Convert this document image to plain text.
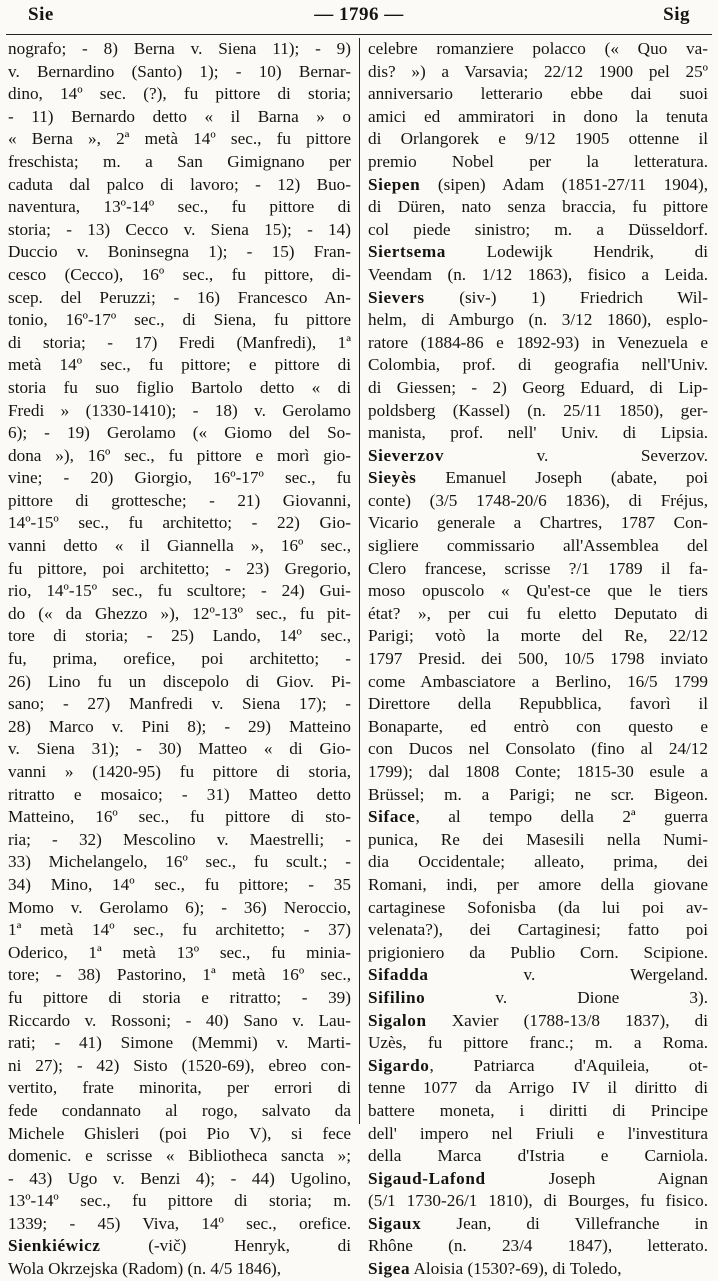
Sie	— 1796 —	Sig
nografo; - 8) Berna v. Siena 11); - 9)
v. Bernardino (Santo) 1); - 10) Bernar-
dino, 14º sec. (?), fu pittore di storia;
- 11) Bernardo detto « il Barna » o
« Berna », 2ª metà 14º sec., fu pittore
freschista; m. a San Gimignano per
caduta dal palco di lavoro; - 12) Buo-
naventura, 13º-14º sec., fu pittore di
storia; - 13) Cecco v. Siena 15); - 14)
Duccio v. Boninsegna 1); - 15) Fran-
cesco (Cecco), 16º sec., fu pittore, di-
scep. del Peruzzi; - 16) Francesco An-
tonio, 16º-17º sec., di Siena, fu pittore
di storia; - 17) Fredi (Manfredi), 1ª
metà 14º sec., fu pittore; e pittore di
storia fu suo figlio Bartolo detto « di
Fredi » (1330-1410); - 18) v. Gerolamo
6); - 19) Gerolamo (« Giomo del So-
dona »), 16º sec., fu pittore e morì gio-
vine; - 20) Giorgio, 16º-17º sec., fu
pittore di grottesche; - 21) Giovanni,
14º-15º sec., fu architetto; - 22) Gio-
vanni detto « il Giannella », 16º sec.,
fu pittore, poi architetto; - 23) Gregorio,
rio, 14º-15º sec., fu scultore; - 24) Gui-
do (« da Ghezzo »), 12º-13º sec., fu pit-
tore di storia; - 25) Lando, 14º sec.,
fu, prima, orefice, poi architetto; -
26) Lino fu un discepolo di Giov. Pi-
sano; - 27) Manfredi v. Siena 17); -
28) Marco v. Pini 8); - 29) Matteino
v. Siena 31); - 30) Matteo « di Gio-
vanni » (1420-95) fu pittore di storia,
ritratto e mosaico; - 31) Matteo detto
Matteino, 16º sec., fu pittore di sto-
ria; - 32) Mescolino v. Maestrelli; -
33) Michelangelo, 16º sec., fu scult.; -
34) Mino, 14º sec., fu pittore; - 35
Momo v. Gerolamo 6); - 36) Neroccio,
1ª metà 14º sec., fu architetto; - 37)
Oderico, 1ª metà 13º sec., fu minia-
tore; - 38) Pastorino, 1ª metà 16º sec.,
fu pittore di storia e ritratto; - 39)
Riccardo v. Rossoni; - 40) Sano v. Lau-
rati; - 41) Simone (Memmi) v. Marti-
ni 27); - 42) Sisto (1520-69), ebreo con-
vertito, frate minorita, per errori di
fede condannato al rogo, salvato da
Michele Ghisleri (poi Pio V), si fece
domenic. e scrisse « Bibliotheca sancta »;
- 43) Ugo v. Benzi 4); - 44) Ugolino,
13º-14º sec., fu pittore di storia; m.
1339; - 45) Viva, 14º sec., orefice.
Sienkiéwicz (-vič) Henryk, di
Wola Okrzejska (Radom) (n. 4/5 1846),
celebre romanziere polacco (« Quo va-
dis? ») a Varsavia; 22/12 1900 pel 25º
anniversario letterario ebbe dai suoi
amici ed ammiratori in dono la tenuta
di Orlangorek e 9/12 1905 ottenne il
premio Nobel per la letteratura.
Siepen (sipen) Adam (1851-27/11 1904),
di Düren, nato senza braccia, fu pittore
col piede sinistro; m. a Düsseldorf.
Siertsema Lodewijk Hendrik, di
Veendam (n. 1/12 1863), fisico a Leida.
Sievers (siv-) 1) Friedrich Wil-
helm, di Amburgo (n. 3/12 1860), esplo-
ratore (1884-86 e 1892-93) in Venezuela e
Colombia, prof. di geografia nell'Univ.
di Giessen; - 2) Georg Eduard, di Lip-
poldsberg (Kassel) (n. 25/11 1850), ger-
manista, prof. nell' Univ. di Lipsia.
Sieverzov v. Severzov.
Sieyès Emanuel Joseph (abate, poi
conte) (3/5 1748-20/6 1836), di Fréjus,
Vicario generale a Chartres, 1787 Con-
sigliere commissario all'Assemblea del
Clero francese, scrisse ?/1 1789 il fa-
moso opuscolo « Qu'est-ce que le tiers
état? », per cui fu eletto Deputato di
Parigi; votò la morte del Re, 22/12
1797 Presid. dei 500, 10/5 1798 inviato
come Ambasciatore a Berlino, 16/5 1799
Direttore della Repubblica, favorì il
Bonaparte, ed entrò con questo e
con Ducos nel Consolato (fino al 24/12
1799); dal 1808 Conte; 1815-30 esule a
Brüssel; m. a Parigi; ne scr. Bigeon.
Siface, al tempo della 2ª guerra
punica, Re dei Masesili nella Numi-
dia Occidentale; alleato, prima, dei
Romani, indi, per amore della giovane
cartaginese Sofonisba (da lui poi av-
velenata?), dei Cartaginesi; fatto poi
prigioniero da Publio Corn. Scipione.
Sifadda v. Wergeland.
Sifilino v. Dione 3).
Sigalon Xavier (1788-13/8 1837), di
Uzès, fu pittore franc.; m. a Roma.
Sigardo, Patriarca d'Aquileia, ot-
tenne 1077 da Arrigo IV il diritto di
battere moneta, i diritti di Principe
dell' impero nel Friuli e l'investitura
della Marca d'Istria e Carniola.
Sigaud-Lafond Joseph Aignan
(5/1 1730-26/1 1810), di Bourges, fu fisico.
Sigaux Jean, di Villefranche in
Rhône (n. 23/4 1847), letterato.
Sigea Aloisia (1530?-69), di Toledo,
